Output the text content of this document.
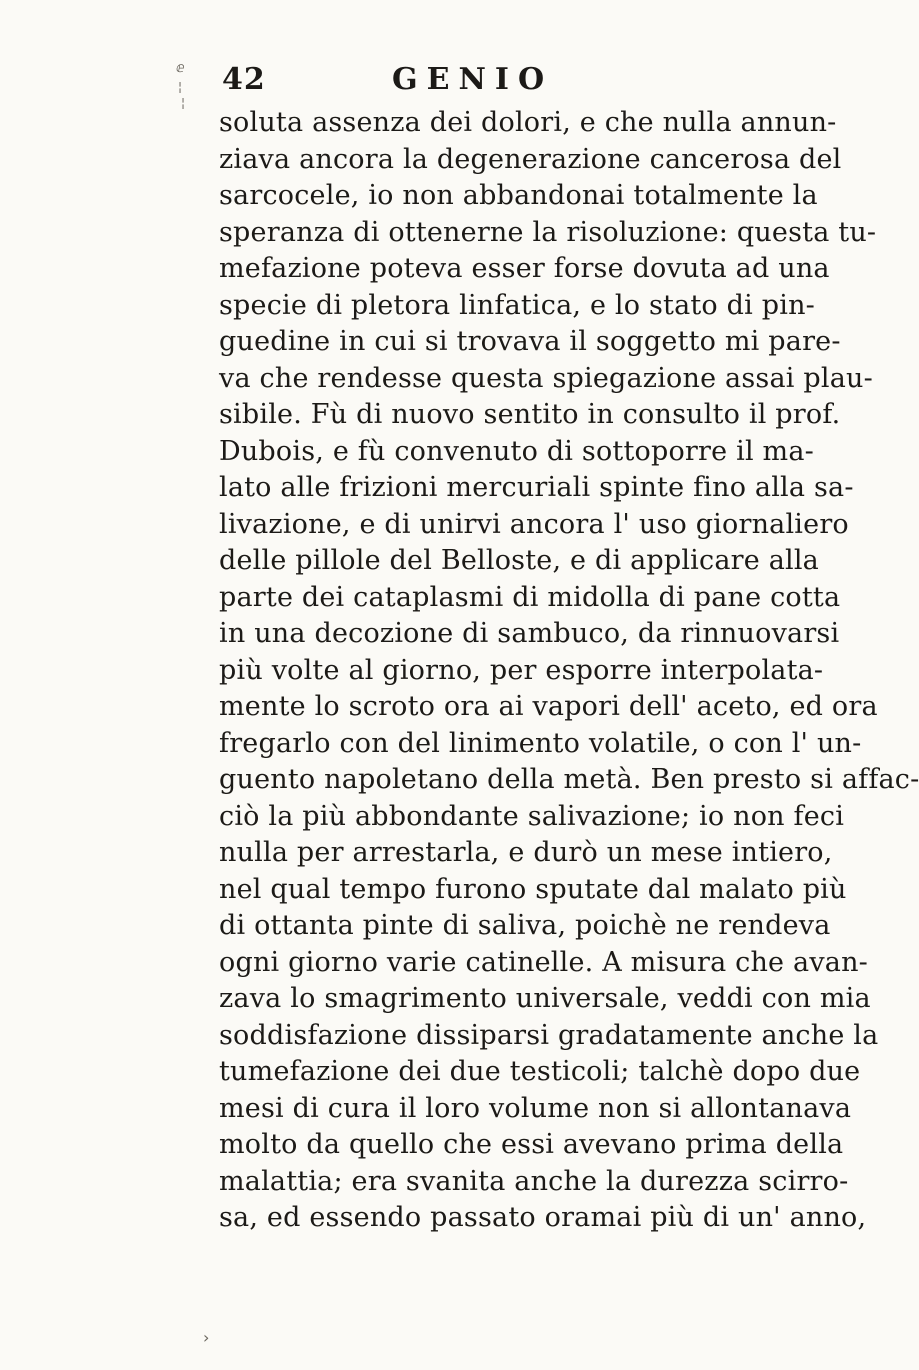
ⅇ
¦
¦
42	GENIO
soluta assenza dei dolori, e che nulla annun-
ziava ancora la degenerazione cancerosa del
sarcocele, io non abbandonai totalmente la
speranza di ottenerne la risoluzione: questa tu-
mefazione poteva esser forse dovuta ad una
specie di pletora linfatica, e lo stato di pin-
guedine in cui si trovava il soggetto mi pare-
va che rendesse questa spiegazione assai plau-
sibile. Fù di nuovo sentito in consulto il prof.
Dubois, e fù convenuto di sottoporre il ma-
lato alle frizioni mercuriali spinte fino alla sa-
livazione, e di unirvi ancora l' uso giornaliero
delle pillole del Belloste, e di applicare alla
parte dei cataplasmi di midolla di pane cotta
in una decozione di sambuco, da rinnuovarsi
più volte al giorno, per esporre interpolata-
mente lo scroto ora ai vapori dell' aceto, ed ora
fregarlo con del linimento volatile, o con l' un-
guento napoletano della metà. Ben presto si affac-
ciò la più abbondante salivazione; io non feci
nulla per arrestarla, e durò un mese intiero,
nel qual tempo furono sputate dal malato più
di ottanta pinte di saliva, poichè ne rendeva
ogni giorno varie catinelle. A misura che avan-
zava lo smagrimento universale, veddi con mia
soddisfazione dissiparsi gradatamente anche la
tumefazione dei due testicoli; talchè dopo due
mesi di cura il loro volume non si allontanava
molto da quello che essi avevano prima della
malattia; era svanita anche la durezza scirro-
sa, ed essendo passato oramai più di un' anno,
›
